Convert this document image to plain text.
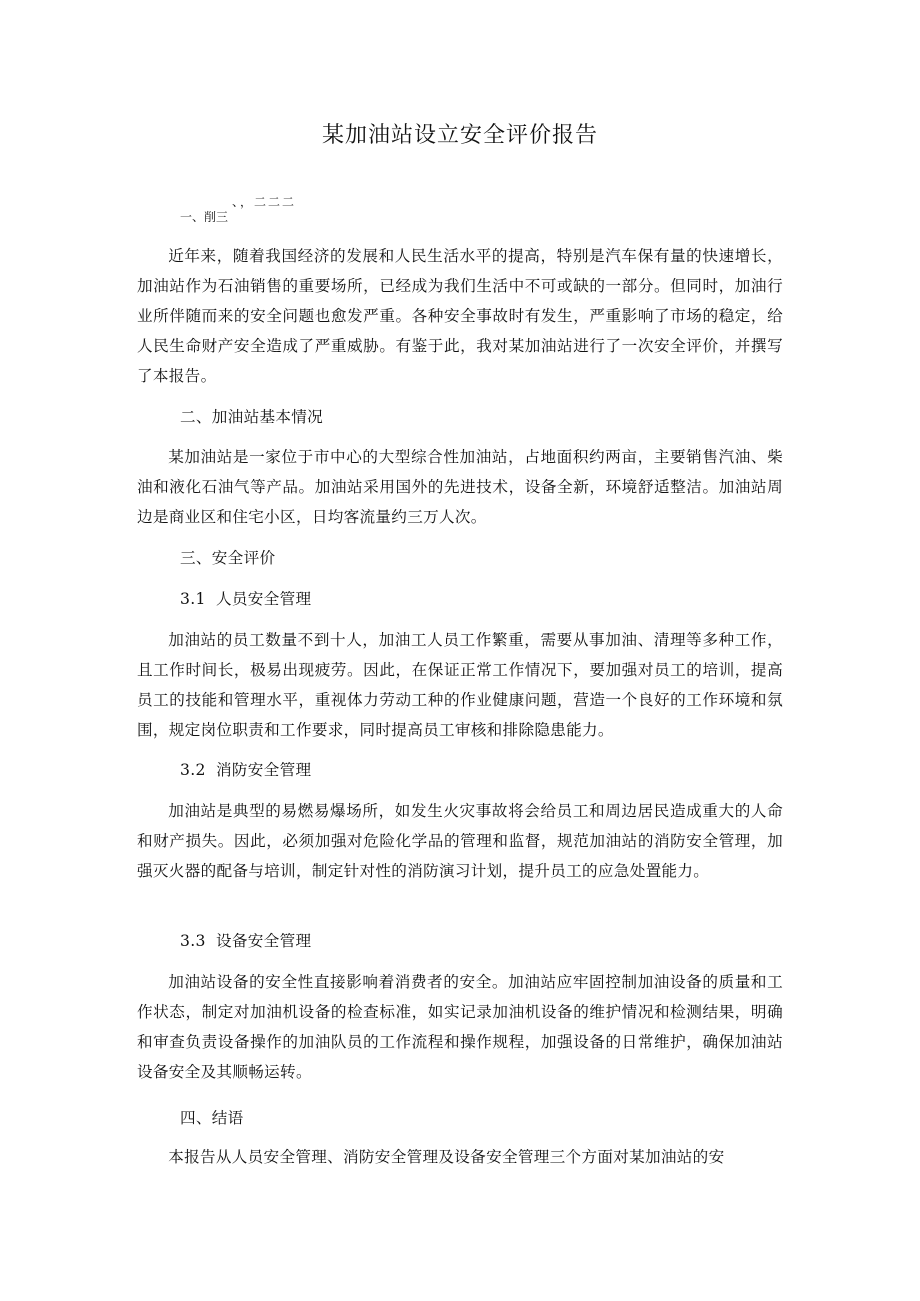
某加油站设立安全评价报告
、，二二二
一、削三

近年来，随着我国经济的发展和人民生活水平的提高，特别是汽车保有量的快速增长，加油站作为石油销售的重要场所，已经成为我们生活中不可或缺的一部分。但同时，加油行业所伴随而来的安全问题也愈发严重。各种安全事故时有发生，严重影响了市场的稳定，给人民生命财产安全造成了严重威胁。有鉴于此，我对某加油站进行了一次安全评价，并撰写了本报告。

二、加油站基本情况

某加油站是一家位于市中心的大型综合性加油站，占地面积约两亩，主要销售汽油、柴油和液化石油气等产品。加油站采用国外的先进技术，设备全新，环境舒适整洁。加油站周边是商业区和住宅小区，日均客流量约三万人次。

三、安全评价
3.1 人员安全管理

加油站的员工数量不到十人，加油工人员工作繁重，需要从事加油、清理等多种工作，且工作时间长，极易出现疲劳。因此，在保证正常工作情况下，要加强对员工的培训，提高员工的技能和管理水平，重视体力劳动工种的作业健康问题，营造一个良好的工作环境和氛围，规定岗位职责和工作要求，同时提高员工审核和排除隐患能力。

3.2 消防安全管理

加油站是典型的易燃易爆场所，如发生火灾事故将会给员工和周边居民造成重大的人命和财产损失。因此，必须加强对危险化学品的管理和监督，规范加油站的消防安全管理，加强灭火器的配备与培训，制定针对性的消防演习计划，提升员工的应急处置能力。

3.3 设备安全管理

加油站设备的安全性直接影响着消费者的安全。加油站应牢固控制加油设备的质量和工作状态，制定对加油机设备的检查标准，如实记录加油机设备的维护情况和检测结果，明确和审查负责设备操作的加油队员的工作流程和操作规程，加强设备的日常维护，确保加油站设备安全及其顺畅运转。

四、结语

本报告从人员安全管理、消防安全管理及设备安全管理三个方面对某加油站的安
